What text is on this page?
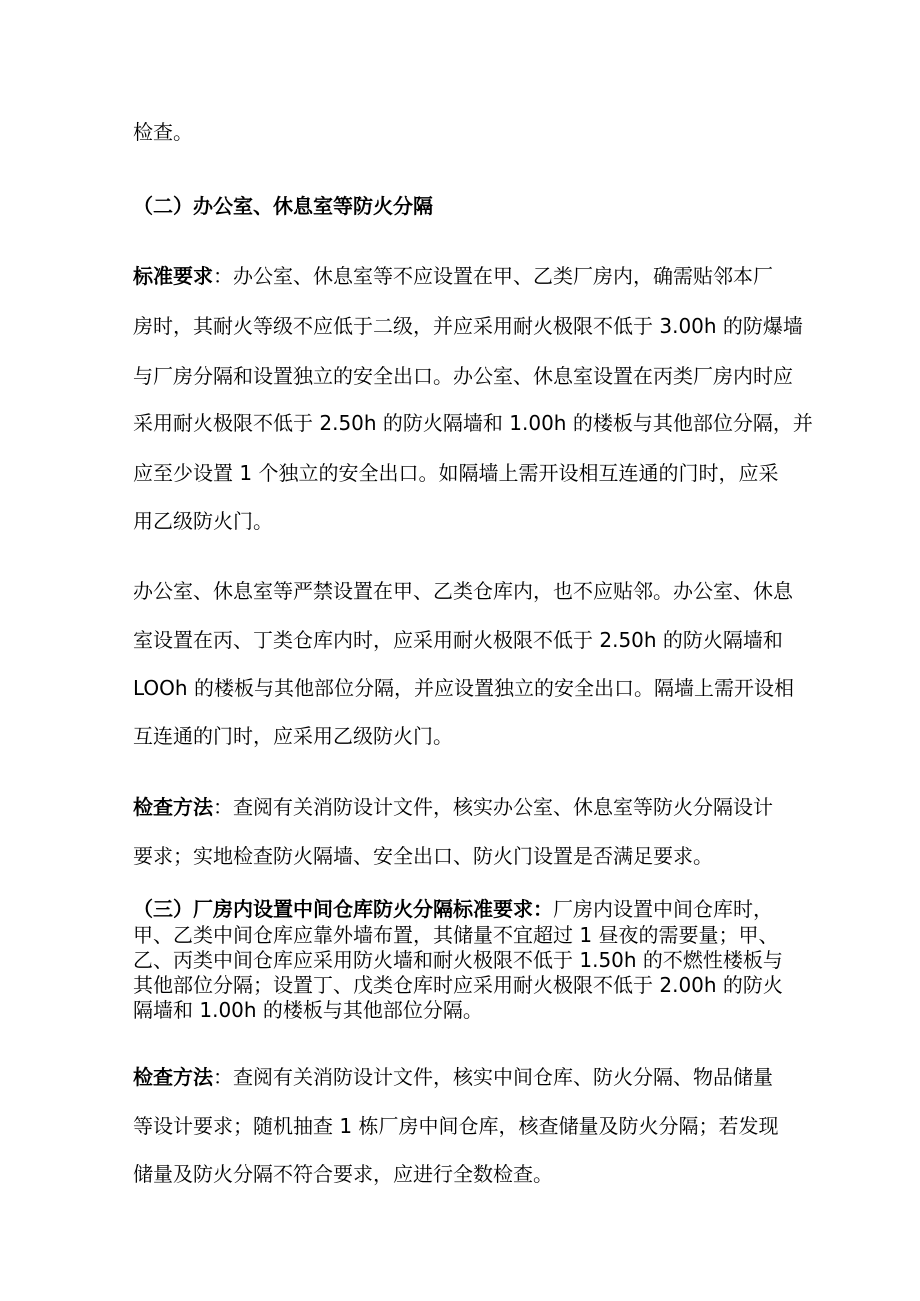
检查。

（二）办公室、休息室等防火分隔

标准要求：办公室、休息室等不应设置在甲、乙类厂房内，确需贴邻本厂

房时，其耐火等级不应低于二级，并应采用耐火极限不低于 3.00h 的防爆墙

与厂房分隔和设置独立的安全出口。办公室、休息室设置在丙类厂房内时应

采用耐火极限不低于 2.50h 的防火隔墙和 1.00h 的楼板与其他部位分隔，并

应至少设置 1 个独立的安全出口。如隔墙上需开设相互连通的门时，应采

用乙级防火门。

办公室、休息室等严禁设置在甲、乙类仓库内，也不应贴邻。办公室、休息

室设置在丙、丁类仓库内时，应采用耐火极限不低于 2.50h 的防火隔墙和

LOOh 的楼板与其他部位分隔，并应设置独立的安全出口。隔墙上需开设相

互连通的门时，应采用乙级防火门。

检查方法：查阅有关消防设计文件，核实办公室、休息室等防火分隔设计

要求；实地检查防火隔墙、安全出口、防火门设置是否满足要求。

（三）厂房内设置中间仓库防火分隔标准要求：厂房内设置中间仓库时，

甲、乙类中间仓库应靠外墙布置，其储量不宜超过 1 昼夜的需要量；甲、

乙、丙类中间仓库应采用防火墙和耐火极限不低于 1.50h 的不燃性楼板与

其他部位分隔；设置丁、戊类仓库时应采用耐火极限不低于 2.00h 的防火

隔墙和 1.00h 的楼板与其他部位分隔。

检查方法：查阅有关消防设计文件，核实中间仓库、防火分隔、物品储量

等设计要求；随机抽查 1 栋厂房中间仓库，核查储量及防火分隔；若发现

储量及防火分隔不符合要求，应进行全数检查。
